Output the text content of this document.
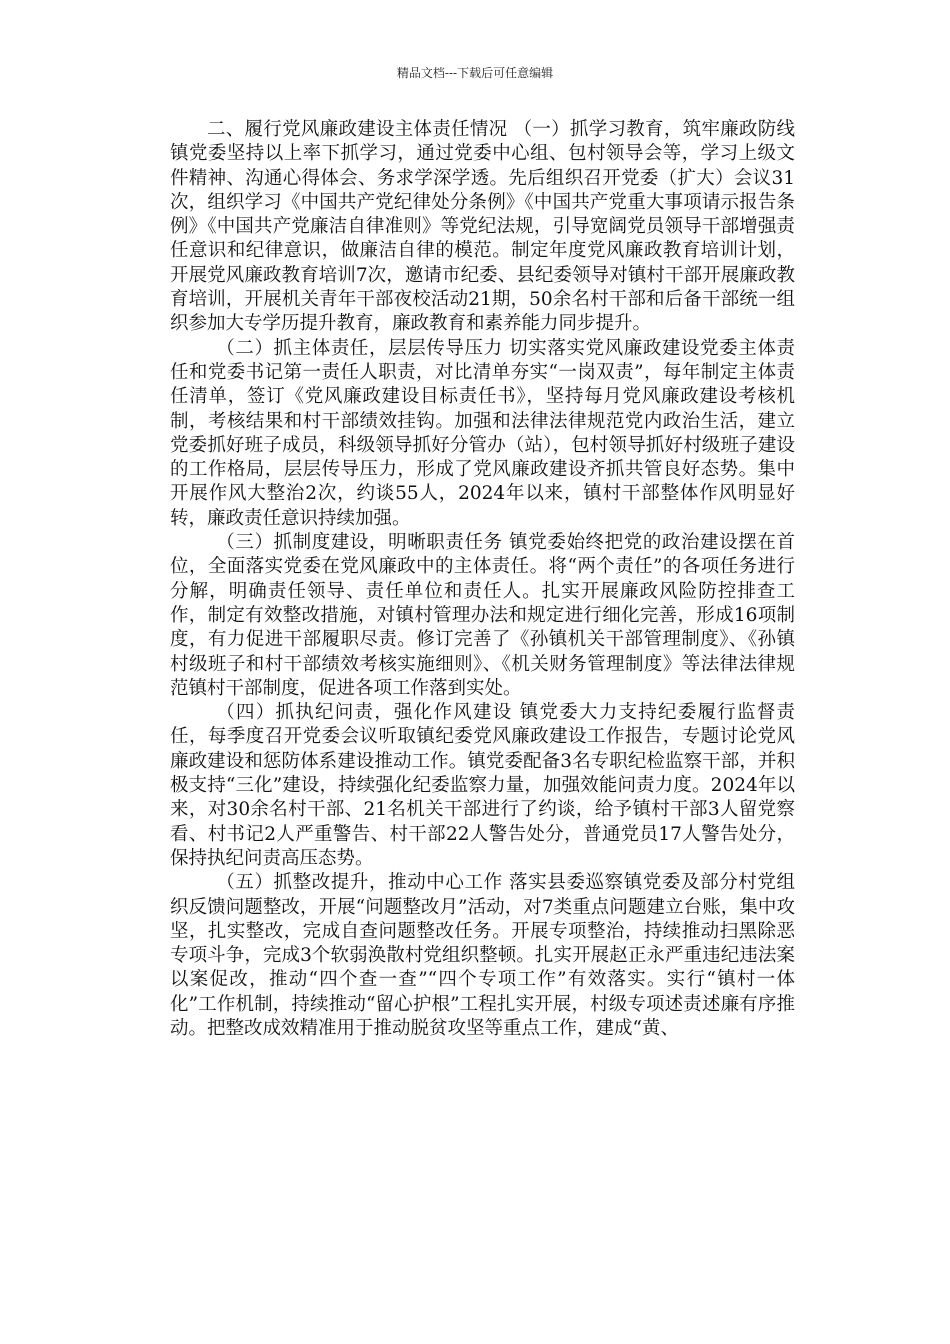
精品文档---下载后可任意编辑

二、履行党风廉政建设主体责任情况 （一）抓学习教育，筑牢廉政防线 镇党委坚持以上率下抓学习，通过党委中心组、包村领导会等，学习上级文件精神、沟通心得体会、务求学深学透。先后组织召开党委（扩大）会议31次，组织学习《中国共产党纪律处分条例》《中国共产党重大事项请示报告条例》《中国共产党廉洁自律准则》等党纪法规，引导宽阔党员领导干部增强责任意识和纪律意识，做廉洁自律的模范。制定年度党风廉政教育培训计划，开展党风廉政教育培训7次，邀请市纪委、县纪委领导对镇村干部开展廉政教育培训，开展机关青年干部夜校活动21期，50余名村干部和后备干部统一组织参加大专学历提升教育，廉政教育和素养能力同步提升。

（二）抓主体责任，层层传导压力 切实落实党风廉政建设党委主体责任和党委书记第一责任人职责，对比清单夯实“一岗双责”，每年制定主体责任清单，签订《党风廉政建设目标责任书》，坚持每月党风廉政建设考核机制，考核结果和村干部绩效挂钩。加强和法律法律规范党内政治生活，建立党委抓好班子成员，科级领导抓好分管办（站），包村领导抓好村级班子建设的工作格局，层层传导压力，形成了党风廉政建设齐抓共管良好态势。集中开展作风大整治2次，约谈55人，2024年以来，镇村干部整体作风明显好转，廉政责任意识持续加强。

（三）抓制度建设，明晰职责任务 镇党委始终把党的政治建设摆在首位，全面落实党委在党风廉政中的主体责任。将“两个责任”的各项任务进行分解，明确责任领导、责任单位和责任人。扎实开展廉政风险防控排查工作，制定有效整改措施，对镇村管理办法和规定进行细化完善，形成16项制度，有力促进干部履职尽责。修订完善了《孙镇机关干部管理制度》、《孙镇村级班子和村干部绩效考核实施细则》、《机关财务管理制度》等法律法律规范镇村干部制度，促进各项工作落到实处。

（四）抓执纪问责，强化作风建设 镇党委大力支持纪委履行监督责任，每季度召开党委会议听取镇纪委党风廉政建设工作报告，专题讨论党风廉政建设和惩防体系建设推动工作。镇党委配备3名专职纪检监察干部，并积极支持“三化”建设，持续强化纪委监察力量，加强效能问责力度。2024年以来，对30余名村干部、21名机关干部进行了约谈，给予镇村干部3人留党察看、村书记2人严重警告、村干部22人警告处分，普通党员17人警告处分，保持执纪问责高压态势。

（五）抓整改提升，推动中心工作 落实县委巡察镇党委及部分村党组织反馈问题整改，开展“问题整改月”活动，对7类重点问题建立台账，集中攻坚，扎实整改，完成自查问题整改任务。开展专项整治，持续推动扫黑除恶专项斗争，完成3个软弱涣散村党组织整顿。扎实开展赵正永严重违纪违法案以案促改，推动“四个查一查”“四个专项工作”有效落实。实行“镇村一体化”工作机制，持续推动“留心护根”工程扎实开展，村级专项述责述廉有序推动。把整改成效精准用于推动脱贫攻坚等重点工作，建成“黄、
